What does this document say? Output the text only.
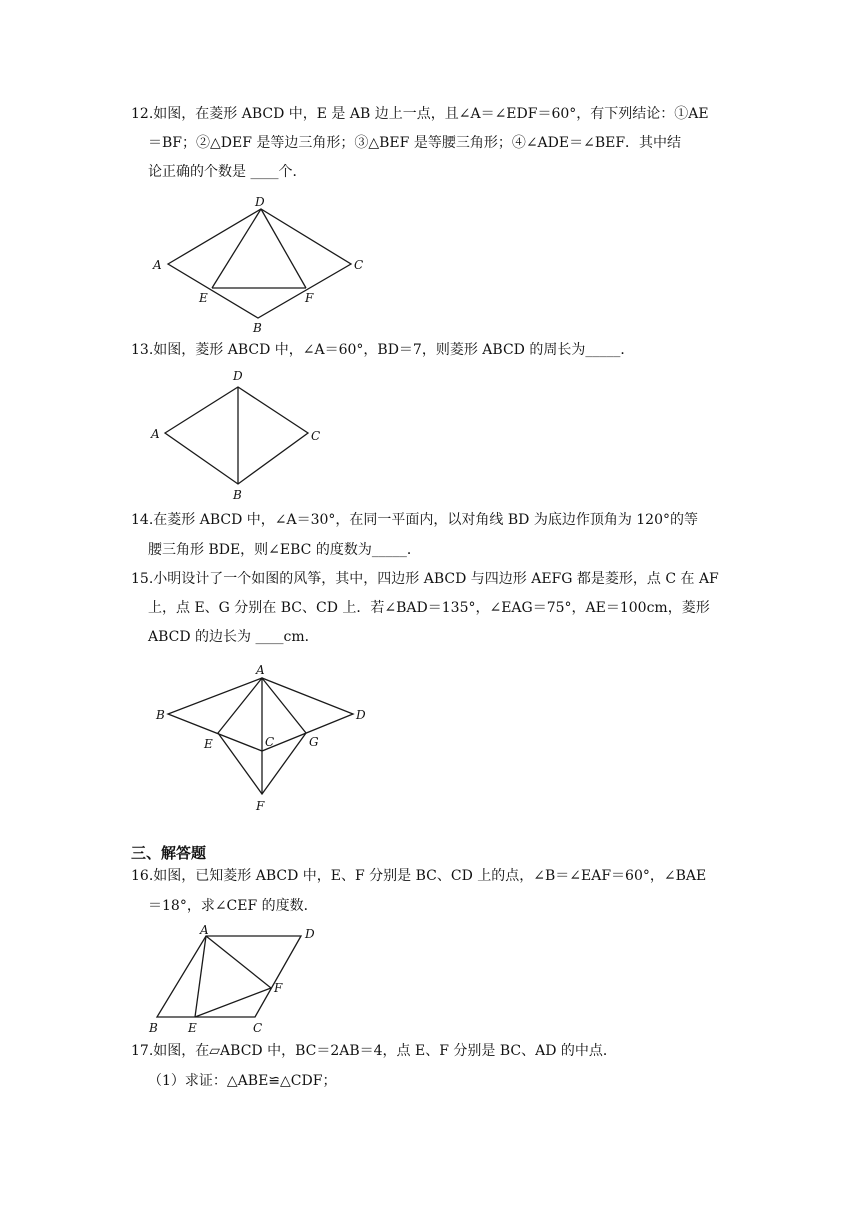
12.如图，在菱形 ABCD 中，E 是 AB 边上一点，且∠A＝∠EDF＝60°，有下列结论：①AE
＝BF；②△DEF 是等边三角形；③△BEF 是等腰三角形；④∠ADE＝∠BEF．其中结
论正确的个数是 ____个．
A
B
C
D
E	F
13.如图，菱形 ABCD 中，∠A＝60°，BD＝7，则菱形 ABCD 的周长为_____．
A
B
C
D
14.在菱形 ABCD 中，∠A＝30°，在同一平面内，以对角线 BD 为底边作顶角为 120°的等
腰三角形 BDE，则∠EBC 的度数为_____．
15.小明设计了一个如图的风筝，其中，四边形 ABCD 与四边形 AEFG 都是菱形，点 C 在 AF
上，点 E、G 分别在 BC、CD 上．若∠BAD＝135°，∠EAG＝75°，AE＝100cm，菱形
ABCD 的边长为 ____cm．
A
B
C
D
E
F
G
三、解答题
16.如图，已知菱形 ABCD 中，E、F 分别是 BC、CD 上的点，∠B＝∠EAF＝60°，∠BAE
＝18°，求∠CEF 的度数．
A
B	C
D
E
F
17.如图，在▱ABCD 中，BC＝2AB＝4，点 E、F 分别是 BC、AD 的中点．
（1）求证：△ABE≌△CDF；
